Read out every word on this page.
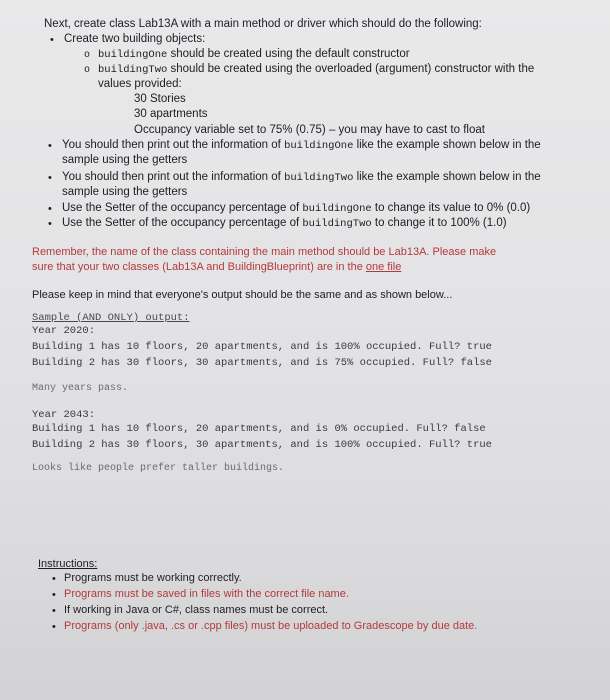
Next, create class Lab13A with a main method or driver which should do the following:
• Create two building objects:
o buildingOne should be created using the default constructor
o buildingTwo should be created using the overloaded (argument) constructor with the
values provided:
30 Stories
30 apartments
Occupancy variable set to 75% (0.75) – you may have to cast to float
• You should then print out the information of buildingOne like the example shown below in the
sample using the getters
• You should then print out the information of buildingTwo like the example shown below in the
sample using the getters
• Use the Setter of the occupancy percentage of buildingOne to change its value to 0% (0.0)
• Use the Setter of the occupancy percentage of buildingTwo to change it to 100% (1.0)
Remember, the name of the class containing the main method should be Lab13A. Please make
sure that your two classes (Lab13A and BuildingBlueprint) are in the one file
Please keep in mind that everyone's output should be the same and as shown below...
Sample (AND ONLY) output:
Year 2020:
Building 1 has 10 floors, 20 apartments, and is 100% occupied. Full? true
Building 2 has 30 floors, 30 apartments, and is 75% occupied. Full? false
Many years pass.
Year 2043:
Building 1 has 10 floors, 20 apartments, and is 0% occupied. Full? false
Building 2 has 30 floors, 30 apartments, and is 100% occupied. Full? true
Looks like people prefer taller buildings.
Instructions:
• Programs must be working correctly.
• Programs must be saved in files with the correct file name.
• If working in Java or C#, class names must be correct.
• Programs (only .java, .cs or .cpp files) must be uploaded to Gradescope by due date.
